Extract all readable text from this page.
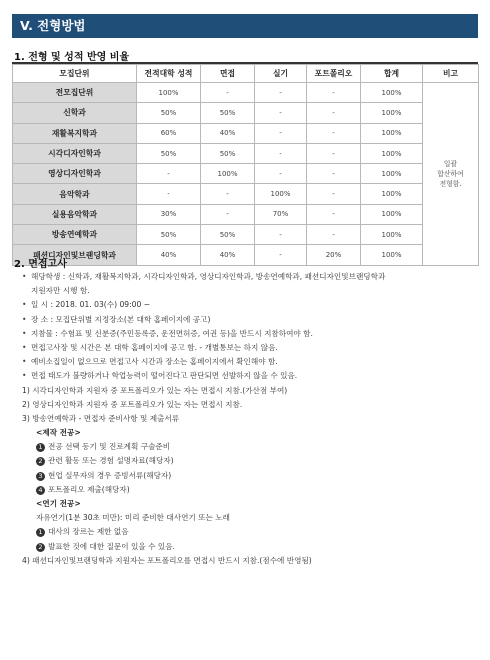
V. 전형방법
1. 전형 및 성적 반영 비율
모집단위	전적대학 성적	면접	실기	포트폴리오	합계	비고
전모집단위	100%	-	-	-	100%	일괄
합산하여
전형함.

신학과	50%	50%	-	-	100%	
재활복지학과	60%	40%	-	-	100%	
시각디자인학과	50%	50%	-	-	100%	
영상디자인학과	-	100%	-	-	100%	
음악학과	-	-	100%	-	100%	
실용음악학과	30%	-	70%	-	100%	
방송연예학과	50%	50%	-	-	100%	
패션디자인및브랜딩학과	40%	40%	-	20%	100%	
2. 면접고사
• 해당학생 : 신학과, 재활복지학과, 시각디자인학과, 영상디자인학과, 방송연예학과, 패션디자인및브랜딩학과
지원자만 시행 함.
• 일 시 : 2018. 01. 03(수) 09:00 ~
• 장 소 : 모집단위별 지정장소(본 대학 홈페이지에 공고)
• 지참물 : 수험표 및 신분증(주민등록증, 운전면허증, 여권 등)을 반드시 지참하여야 함.
• 면접고사장 및 시간은 본 대학 홈페이지에 공고 함. - 개별통보는 하지 않음.
• 예비소집일이 없으므로 면접고사 시간과 장소는 홈페이지에서 확인해야 함.
• 면접 태도가 불량하거나 학업능력이 떨어진다고 판단되면 선발하지 않을 수 있음.
1) 시각디자인학과 지원자 중 포트폴리오가 있는 자는 면접시 지참.(가산점 부여)
2) 영상디자인학과 지원자 중 포트폴리오가 있는 자는 면접시 지참.
3) 방송연예학과 - 면접자 준비사항 및 제출서류
<제작 전공>
1 전공 선택 동기 및 진로계획 구술준비
2 관련 활동 또는 경험 설명자료(해당자)
3 현업 실무자의 경우 증빙서류(해당자)
4 포트폴리오 제출(해당자)
<연기 전공>
자유연기(1분 30초 미만): 미리 준비한 대사연기 또는 노래
1 대사의 장르는 제한 없음
2 발표한 것에 대한 질문이 있을 수 있음.
4) 패션디자인및브랜딩학과 지원자는 포트폴리오를 면접시 반드시 지참.(점수에 반영됨)
